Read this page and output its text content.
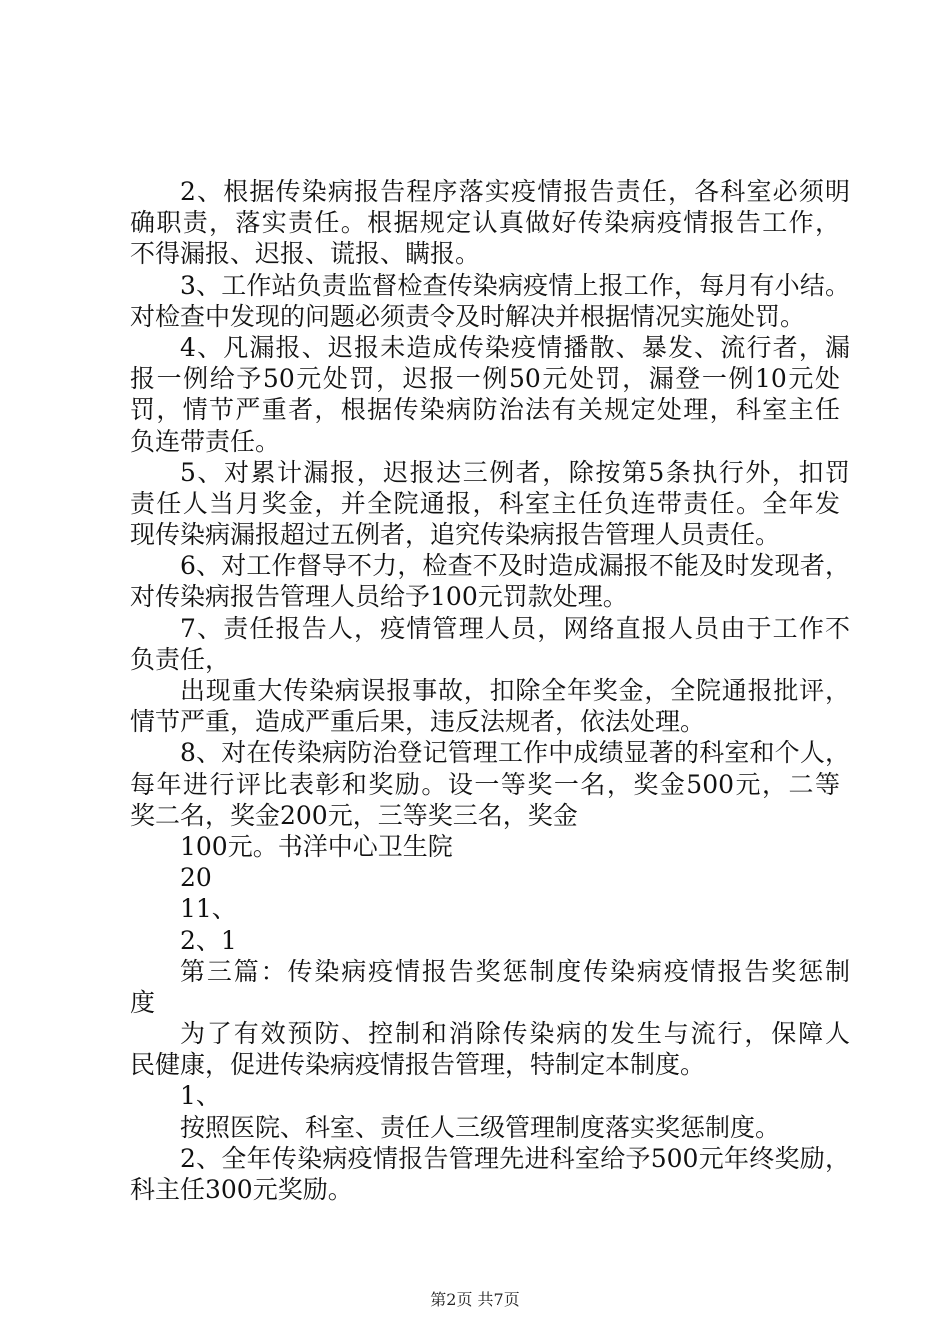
2、根据传染病报告程序落实疫情报告责任，各科室必须明
确职责，落实责任。根据规定认真做好传染病疫情报告工作，
不得漏报、迟报、谎报、瞒报。
3、工作站负责监督检查传染病疫情上报工作，每月有小结。
对检查中发现的问题必须责令及时解决并根据情况实施处罚。
4、凡漏报、迟报未造成传染疫情播散、暴发、流行者，漏
报一例给予50元处罚，迟报一例50元处罚，漏登一例10元处
罚，情节严重者，根据传染病防治法有关规定处理，科室主任
负连带责任。
5、对累计漏报，迟报达三例者，除按第5条执行外，扣罚
责任人当月奖金，并全院通报，科室主任负连带责任。全年发
现传染病漏报超过五例者，追究传染病报告管理人员责任。
6、对工作督导不力，检查不及时造成漏报不能及时发现者，
对传染病报告管理人员给予100元罚款处理。
7、责任报告人，疫情管理人员，网络直报人员由于工作不
负责任，
出现重大传染病误报事故，扣除全年奖金，全院通报批评，
情节严重，造成严重后果，违反法规者，依法处理。
8、对在传染病防治登记管理工作中成绩显著的科室和个人，
每年进行评比表彰和奖励。设一等奖一名，奖金500元，二等
奖二名，奖金200元，三等奖三名，奖金
100元。书洋中心卫生院
20
11、
2、1
第三篇：传染病疫情报告奖惩制度传染病疫情报告奖惩制
度
为了有效预防、控制和消除传染病的发生与流行，保障人
民健康，促进传染病疫情报告管理，特制定本制度。
1、
按照医院、科室、责任人三级管理制度落实奖惩制度。
2、全年传染病疫情报告管理先进科室给予500元年终奖励，
科主任300元奖励。
第2页 共7页
